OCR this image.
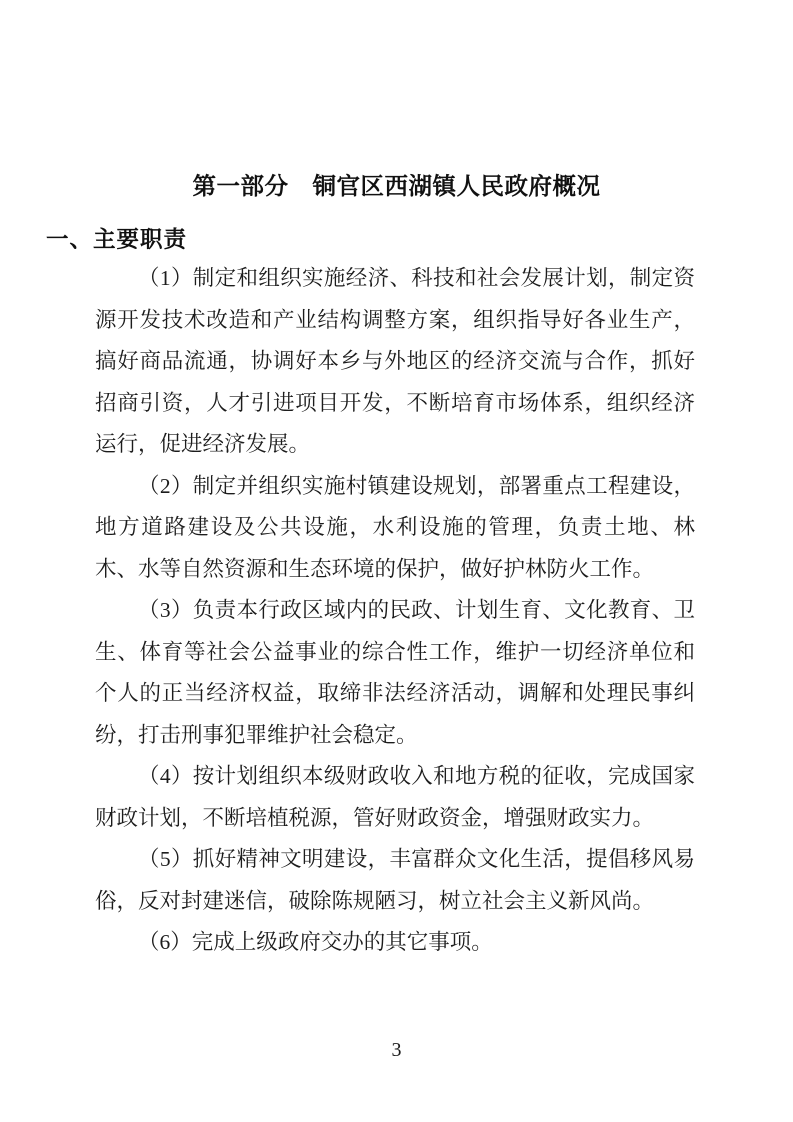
第一部分　铜官区西湖镇人民政府概况
一、主要职责

（1）制定和组织实施经济、科技和社会发展计划，制定资源开发技术改造和产业结构调整方案，组织指导好各业生产，搞好商品流通，协调好本乡与外地区的经济交流与合作，抓好招商引资，人才引进项目开发，不断培育市场体系，组织经济运行，促进经济发展。

（2）制定并组织实施村镇建设规划，部署重点工程建设，地方道路建设及公共设施，水利设施的管理，负责土地、林木、水等自然资源和生态环境的保护，做好护林防火工作。

（3）负责本行政区域内的民政、计划生育、文化教育、卫生、体育等社会公益事业的综合性工作，维护一切经济单位和个人的正当经济权益，取缔非法经济活动，调解和处理民事纠纷，打击刑事犯罪维护社会稳定。

（4）按计划组织本级财政收入和地方税的征收，完成国家财政计划，不断培植税源，管好财政资金，增强财政实力。

（5）抓好精神文明建设，丰富群众文化生活，提倡移风易俗，反对封建迷信，破除陈规陋习，树立社会主义新风尚。

（6）完成上级政府交办的其它事项。

3
